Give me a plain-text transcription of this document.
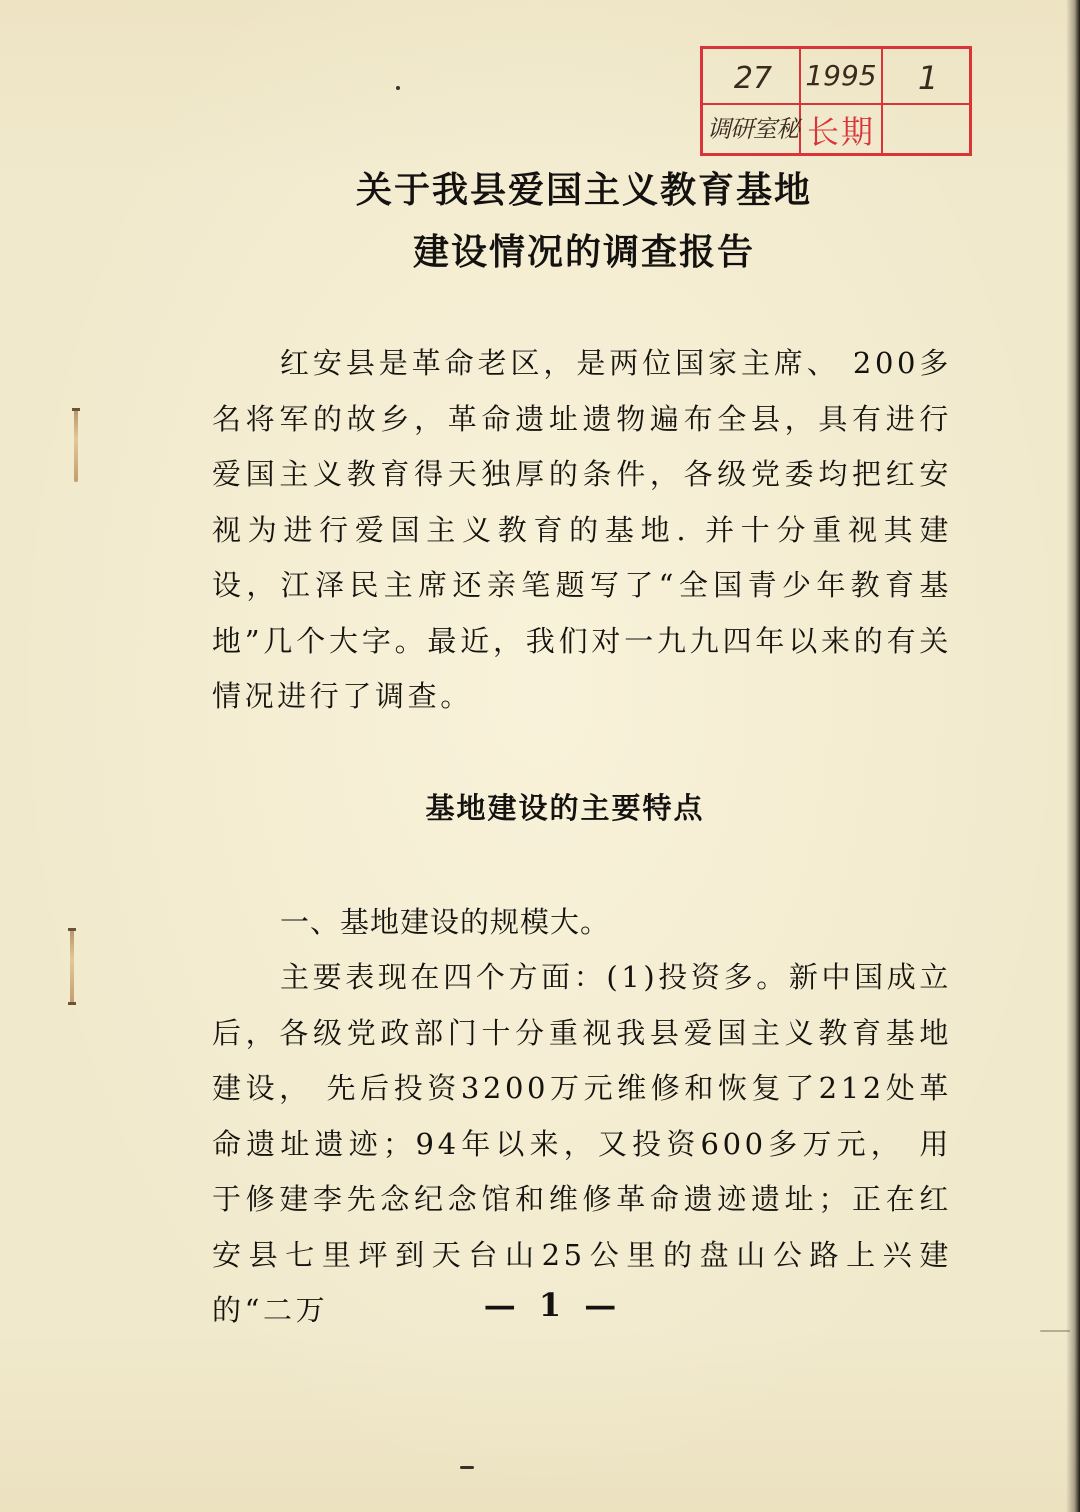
27	1995	1
调研室秘 长期
关于我县爱国主义教育基地
建设情况的调查报告
红安县是革命老区，是两位国家主席、 200多名将军的故乡，革命遗址遗物遍布全县，具有进行爱国主义教育得天独厚的条件，各级党委均把红安视为进行爱国主义教育的基地. 并十分重视其建设，江泽民主席还亲笔题写了“全国青少年教育基地”几个大字。最近，我们对一九九四年以来的有关情况进行了调查。
基地建设的主要特点
一、基地建设的规模大。
主要表现在四个方面：(1)投资多。新中国成立后，各级党政部门十分重视我县爱国主义教育基地建设， 先后投资3200万元维修和恢复了212处革命遗址遗迹；94年以来，又投资600多万元， 用于修建李先念纪念馆和维修革命遗迹遗址；正在红安县七里坪到天台山25公里的盘山公路上兴建的“二万	— 1 —
